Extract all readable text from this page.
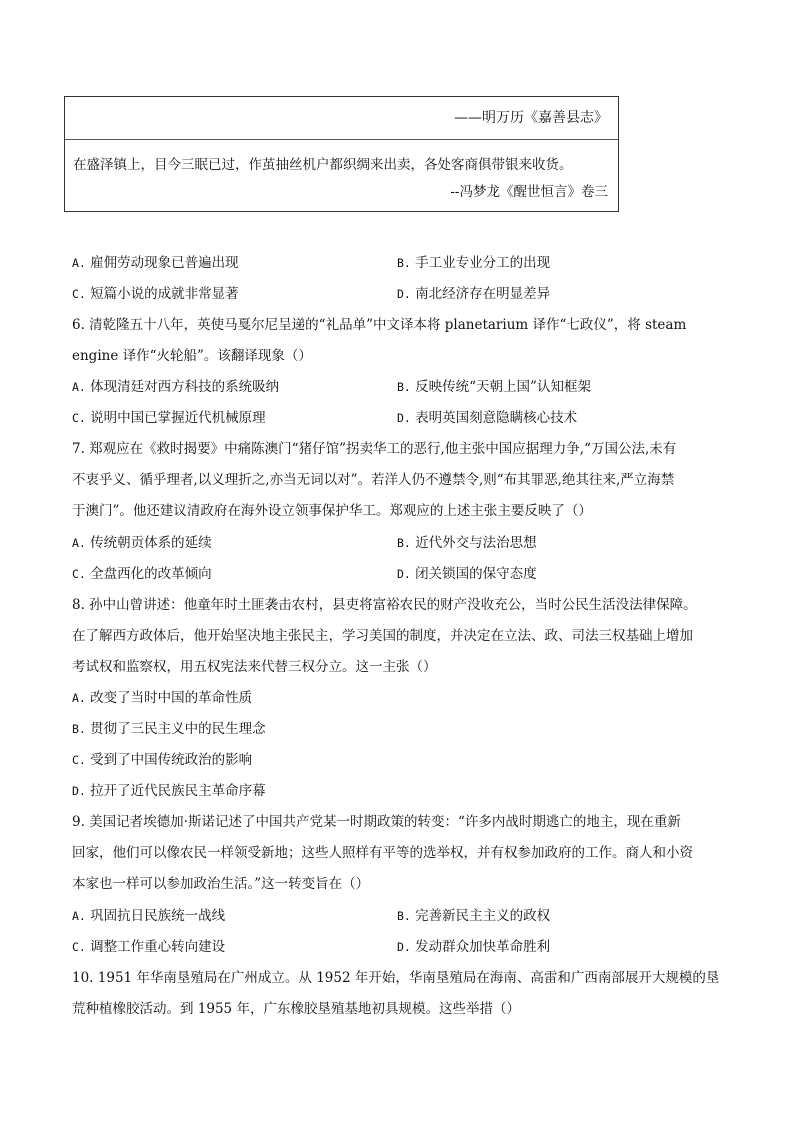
——明万历《嘉善县志》
在盛泽镇上，目今三眠已过，作茧抽丝机户都织绸来出卖，各处客商俱带银来收货。
--冯梦龙《醒世恒言》卷三
A. 雇佣劳动现象已普遍出现	B. 手工业专业分工的出现
C. 短篇小说的成就非常显著	D. 南北经济存在明显差异
6. 清乾隆五十八年，英使马戛尔尼呈递的“礼品单”中文译本将 planetarium 译作“七政仪”，将 steam
engine 译作“火轮船”。该翻译现象（）
A. 体现清廷对西方科技的系统吸纳	B. 反映传统“天朝上国”认知框架
C. 说明中国已掌握近代机械原理	D. 表明英国刻意隐瞒核心技术
7. 郑观应在《救时揭要》中痛陈澳门“猪仔馆”拐卖华工的恶行,他主张中国应据理力争,“万国公法,未有
不衷乎义、循乎理者,以义理折之,亦当无词以对”。若洋人仍不遵禁令,则“布其罪恶,绝其往来,严立海禁
于澳门”。他还建议清政府在海外设立领事保护华工。郑观应的上述主张主要反映了（）
A. 传统朝贡体系的延续	B. 近代外交与法治思想
C. 全盘西化的改革倾向	D. 闭关锁国的保守态度
8. 孙中山曾讲述：他童年时土匪袭击农村，县吏将富裕农民的财产没收充公，当时公民生活没法律保障。
在了解西方政体后，他开始坚决地主张民主，学习美国的制度，并决定在立法、政、司法三权基础上增加
考试权和监察权，用五权宪法来代替三权分立。这一主张（）
A. 改变了当时中国的革命性质
B. 贯彻了三民主义中的民生理念
C. 受到了中国传统政治的影响
D. 拉开了近代民族民主革命序幕
9. 美国记者埃德加·斯诺记述了中国共产党某一时期政策的转变：“许多内战时期逃亡的地主，现在重新
回家，他们可以像农民一样领受新地；这些人照样有平等的选举权，并有权参加政府的工作。商人和小资
本家也一样可以参加政治生活。”这一转变旨在（）
A. 巩固抗日民族统一战线	B. 完善新民主主义的政权
C. 调整工作重心转向建设	D. 发动群众加快革命胜利
10. 1951 年华南垦殖局在广州成立。从 1952 年开始，华南垦殖局在海南、高雷和广西南部展开大规模的垦
荒种植橡胶活动。到 1955 年，广东橡胶垦殖基地初具规模。这些举措（）
